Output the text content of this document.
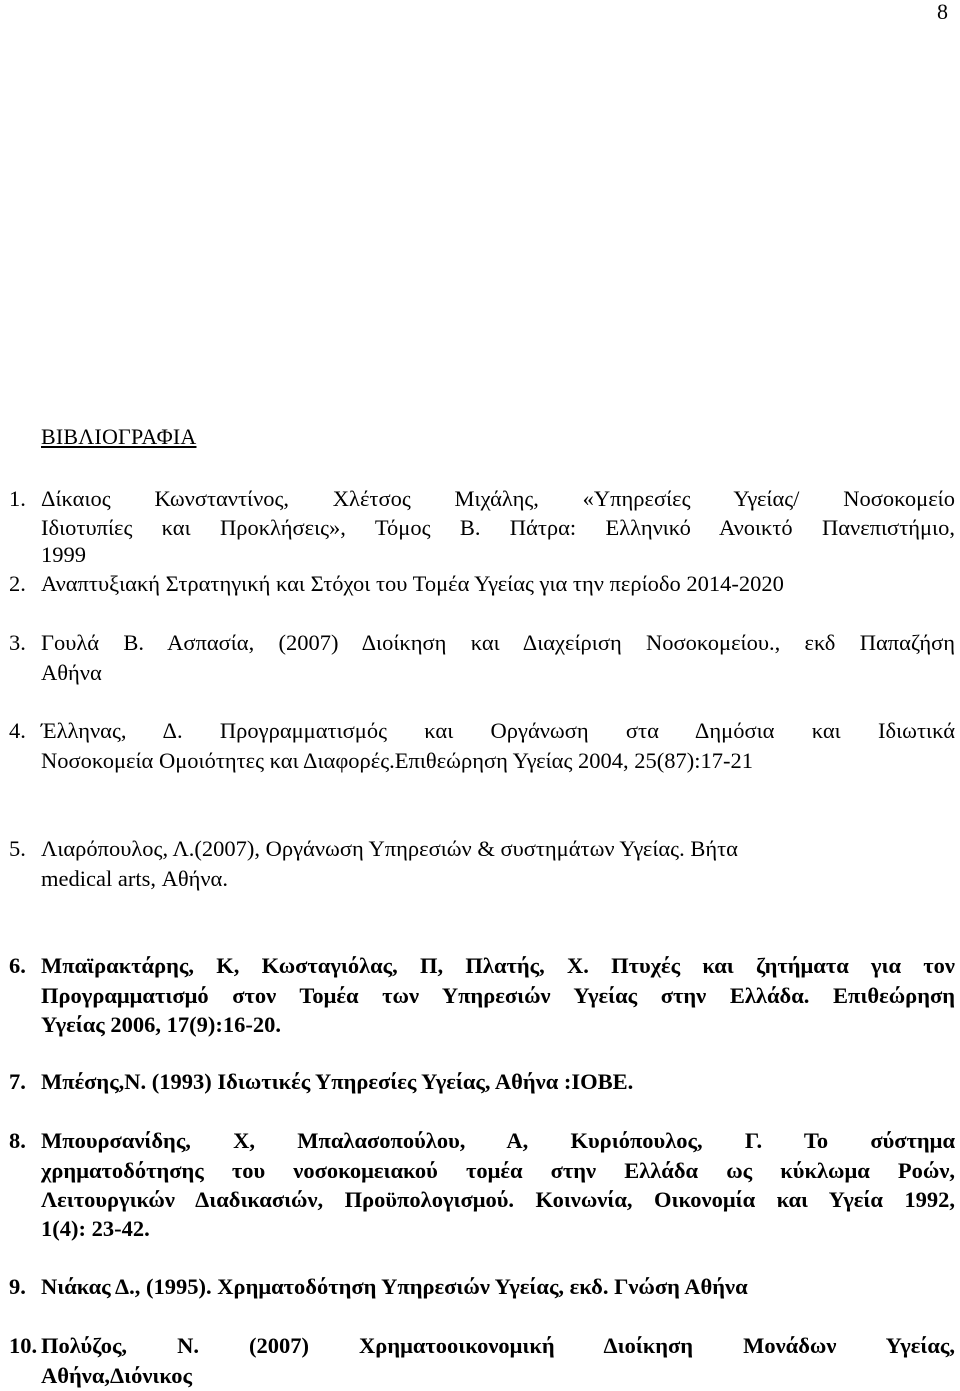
8
ΒΙΒΛΙΟΓΡΑΦΙΑ
1. Δίκαιος Κωνσταντίνος, Χλέτσος Μιχάλης, «Υπηρεσίες Υγείας/ Νοσοκομείο
Ιδιοτυπίες και Προκλήσεις», Τόμος Β. Πάτρα: Ελληνικό Ανοικτό Πανεπιστήμιο,
1999
2. Αναπτυξιακή Στρατηγική και Στόχοι του Τομέα Υγείας για την περίοδο 2014-2020
3. Γουλά Β. Ασπασία, (2007) Διοίκηση και Διαχείριση Νοσοκομείου., εκδ Παπαζήση
Αθήνα
4. Έλληνας, Δ. Προγραμματισμός και Οργάνωση στα Δημόσια και Ιδιωτικά
Νοσοκομεία Ομοιότητες και Διαφορές.Επιθεώρηση Υγείας 2004, 25(87):17-21
5. Λιαρόπουλος, Λ.(2007), Οργάνωση Υπηρεσιών & συστημάτων Υγείας. Βήτα
medical arts, Αθήνα.
6. Μπαϊρακτάρης, Κ, Κωσταγιόλας, Π, Πλατής, Χ. Πτυχές και ζητήματα για τον
Προγραμματισμό στον Τομέα των Υπηρεσιών Υγείας στην Ελλάδα. Επιθεώρηση
Υγείας 2006, 17(9):16-20.
7. Μπέσης,Ν. (1993) Ιδιωτικές Υπηρεσίες Υγείας, Αθήνα :ΙΟΒΕ.
8. Μπουρσανίδης, Χ, Μπαλασοπούλου, Α, Κυριόπουλος, Γ. Το σύστημα
χρηματοδότησης του νοσοκομειακού τομέα στην Ελλάδα ως κύκλωμα Ροών,
Λειτουργικών Διαδικασιών, Προϋπολογισμού. Κοινωνία, Οικονομία και Υγεία 1992,
1(4): 23-42.
9. Νιάκας Δ., (1995). Χρηματοδότηση Υπηρεσιών Υγείας, εκδ. Γνώση Αθήνα
10. Πολύζος, Ν. (2007) Χρηματοοικονομική Διοίκηση Μονάδων Υγείας,
Αθήνα,Διόνικος
